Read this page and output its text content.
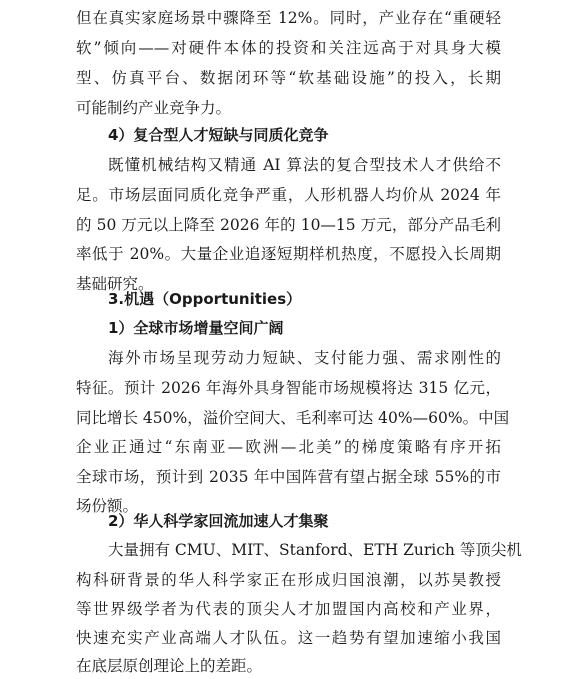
但在真实家庭场景中骤降至 12%。同时，产业存在“重硬轻
软”倾向——对硬件本体的投资和关注远高于对具身大模
型、仿真平台、数据闭环等“软基础设施”的投入，长期
可能制约产业竞争力。
4）复合型人才短缺与同质化竞争
既懂机械结构又精通 AI 算法的复合型技术人才供给不
足。市场层面同质化竞争严重，人形机器人均价从 2024 年
的 50 万元以上降至 2026 年的 10—15 万元，部分产品毛利
率低于 20%。大量企业追逐短期样机热度，不愿投入长周期
基础研究。
3.机遇（Opportunities）
1）全球市场增量空间广阔
海外市场呈现劳动力短缺、支付能力强、需求刚性的
特征。预计 2026 年海外具身智能市场规模将达 315 亿元，
同比增长 450%，溢价空间大、毛利率可达 40%—60%。中国
企业正通过“东南亚—欧洲—北美”的梯度策略有序开拓
全球市场，预计到 2035 年中国阵营有望占据全球 55%的市
场份额。
2）华人科学家回流加速人才集聚
大量拥有 CMU、MIT、Stanford、ETH Zurich 等顶尖机
构科研背景的华人科学家正在形成归国浪潮，以苏昊教授
等世界级学者为代表的顶尖人才加盟国内高校和产业界，
快速充实产业高端人才队伍。这一趋势有望加速缩小我国
在底层原创理论上的差距。
